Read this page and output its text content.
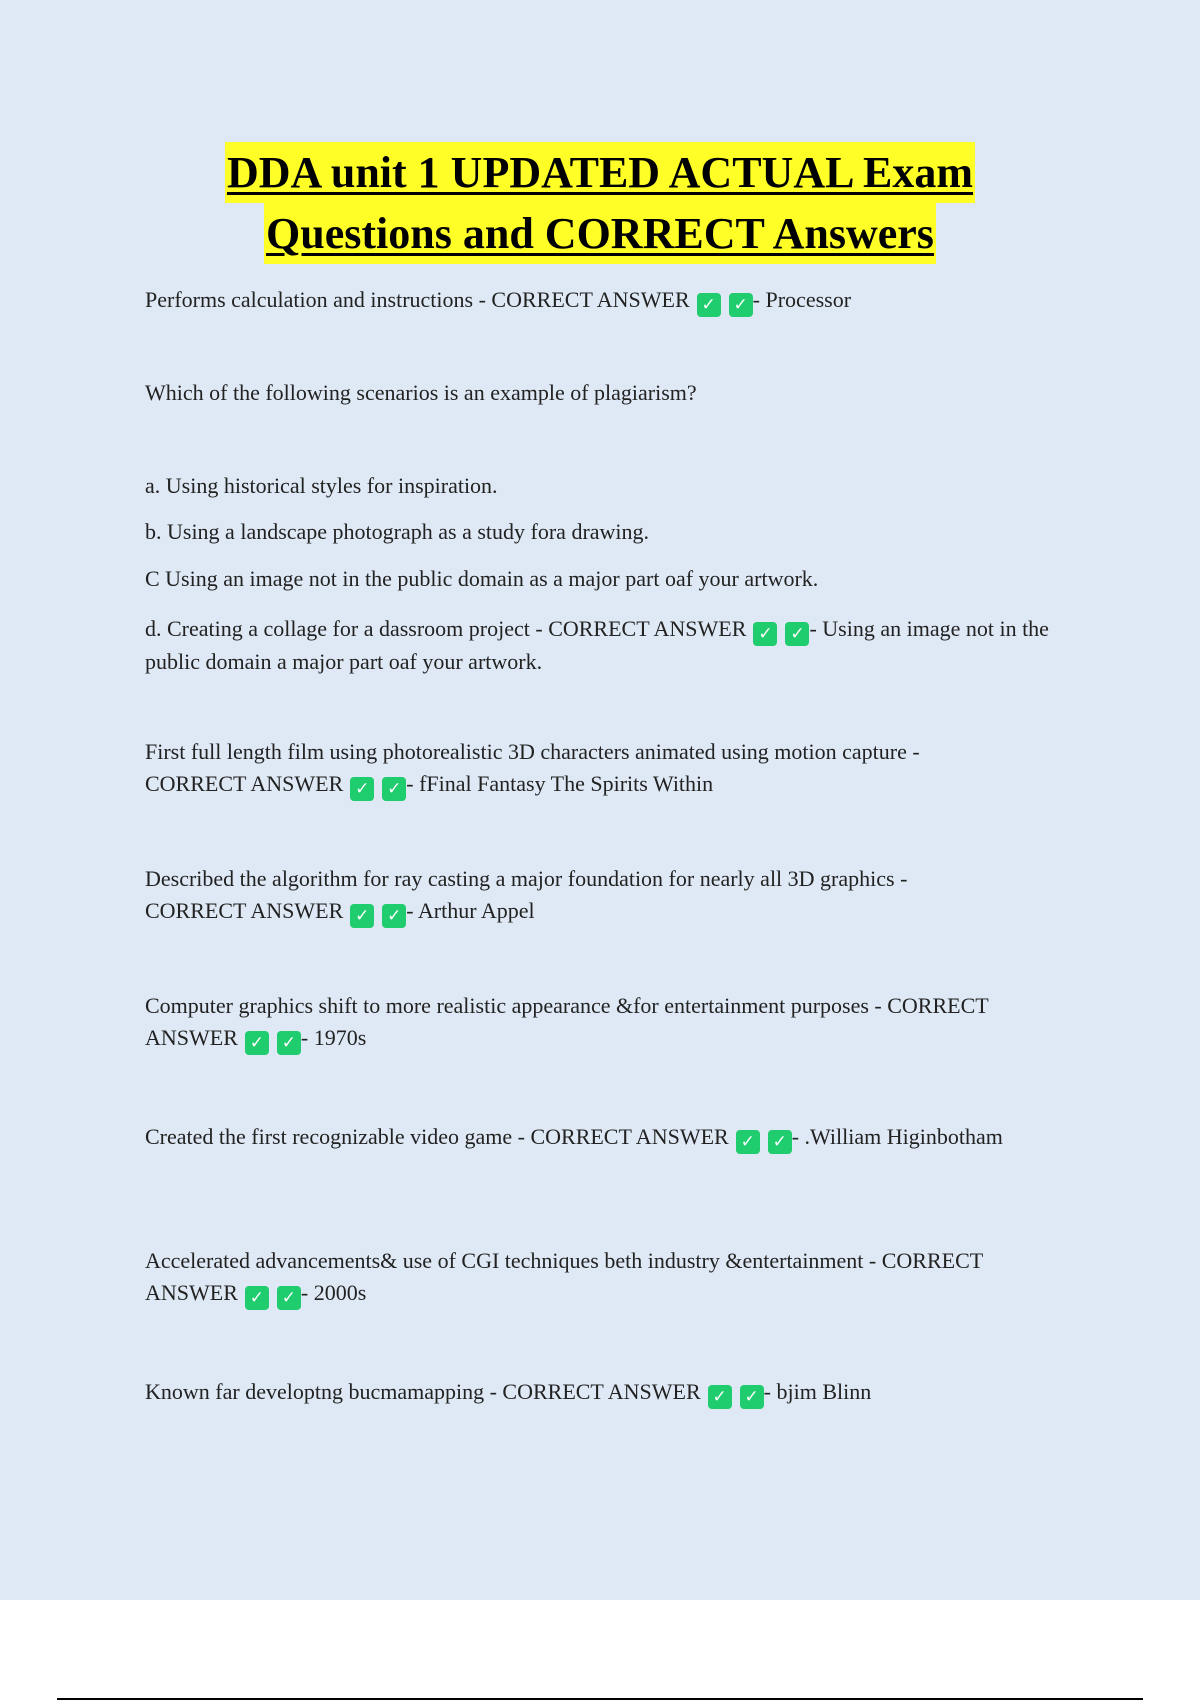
DDA unit 1 UPDATED ACTUAL Exam
Questions and CORRECT Answers
Performs calculation and instructions - CORRECT ANSWER ✓ ✓ - Processor
Which of the following scenarios is an example of plagiarism?
a. Using historical styles for inspiration.
b. Using a landscape photograph as a study fora drawing.
C Using an image not in the public domain as a major part oaf your artwork.
d. Creating a collage for a dassroom project - CORRECT ANSWER ✓ ✓ - Using an image not in the public domain a major part oaf your artwork.
First full length film using photorealistic 3D characters animated using motion capture - CORRECT ANSWER ✓ ✓ - fFinal Fantasy The Spirits Within
Described the algorithm for ray casting a major foundation for nearly all 3D graphics - CORRECT ANSWER ✓ ✓ - Arthur Appel
Computer graphics shift to more realistic appearance &for entertainment purposes - CORRECT ANSWER ✓ ✓ - 1970s
Created the first recognizable video game - CORRECT ANSWER ✓ ✓ - .William Higinbotham
Accelerated advancements& use of CGI techniques beth industry &entertainment - CORRECT ANSWER ✓ ✓ - 2000s
Known far developtng bucmamapping - CORRECT ANSWER ✓ ✓ - bjim Blinn
